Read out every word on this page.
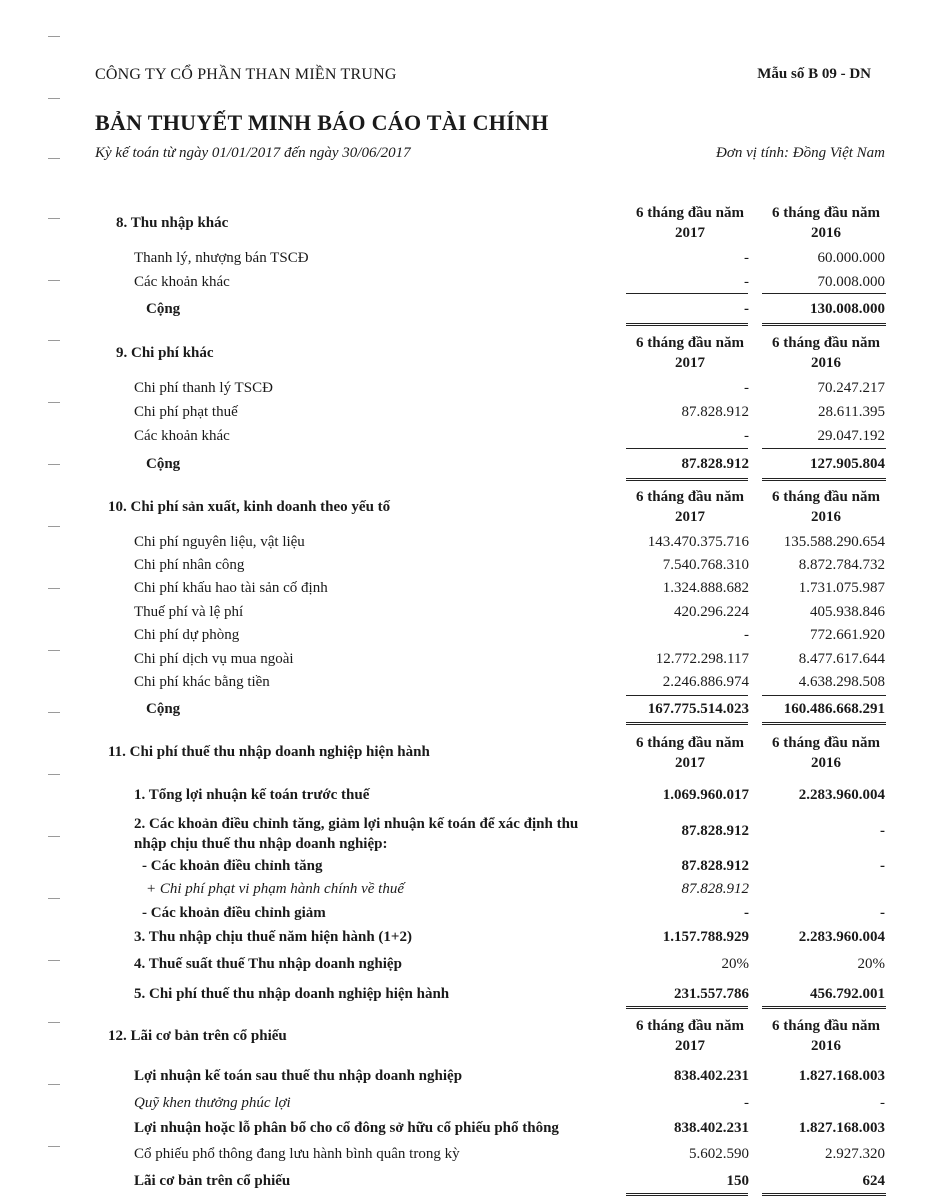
CÔNG TY CỔ PHẦN THAN MIỀN TRUNG	Mẫu số B 09 - DN
BẢN THUYẾT MINH BÁO CÁO TÀI CHÍNH
Kỳ kế toán từ ngày 01/01/2017 đến ngày 30/06/2017	Đơn vị tính: Đồng Việt Nam
8. Thu nhập khác
6 tháng đầu năm
2017
6 tháng đầu năm
2016
Thanh lý, nhượng bán TSCĐ	-	60.000.000
Các khoản khác	-	70.008.000
Cộng	-	130.008.000
9. Chi phí khác
6 tháng đầu năm
2017
6 tháng đầu năm
2016
Chi phí thanh lý TSCĐ	-	70.247.217
Chi phí phạt thuế	87.828.912	28.611.395
Các khoản khác	-	29.047.192
Cộng	87.828.912	127.905.804
10. Chi phí sản xuất, kinh doanh theo yếu tố
6 tháng đầu năm
2017
6 tháng đầu năm
2016
Chi phí nguyên liệu, vật liệu	143.470.375.716 135.588.290.654
Chi phí nhân công	7.540.768.310	8.872.784.732
Chi phí khấu hao tài sản cố định	1.324.888.682	1.731.075.987
Thuế phí và lệ phí	420.296.224	405.938.846
Chi phí dự phòng	-	772.661.920
Chi phí dịch vụ mua ngoài	12.772.298.117	8.477.617.644
Chi phí khác bằng tiền	2.246.886.974	4.638.298.508
Cộng	167.775.514.023 160.486.668.291
11. Chi phí thuế thu nhập doanh nghiệp hiện hành
6 tháng đầu năm
2017
6 tháng đầu năm
2016
1. Tổng lợi nhuận kế toán trước thuế	1.069.960.017	2.283.960.004
2. Các khoản điều chỉnh tăng, giảm lợi nhuận kế toán để xác định thu nhập chịu thuế thu nhập doanh nghiệp:
87.828.912	-
- Các khoản điều chỉnh tăng	87.828.912	-
+ Chi phí phạt vi phạm hành chính về thuế	87.828.912
- Các khoản điều chỉnh giảm	-	-
3. Thu nhập chịu thuế năm hiện hành (1+2)	1.157.788.929	2.283.960.004
4. Thuế suất thuế Thu nhập doanh nghiệp	20%	20%
5. Chi phí thuế thu nhập doanh nghiệp hiện hành	231.557.786	456.792.001
12. Lãi cơ bản trên cổ phiếu
6 tháng đầu năm
2017
6 tháng đầu năm
2016
Lợi nhuận kế toán sau thuế thu nhập doanh nghiệp	838.402.231	1.827.168.003
Quỹ khen thưởng phúc lợi	-	-
Lợi nhuận hoặc lỗ phân bổ cho cổ đông sở hữu cổ phiếu phổ thông	838.402.231	1.827.168.003
Cổ phiếu phổ thông đang lưu hành bình quân trong kỳ	5.602.590	2.927.320
Lãi cơ bản trên cổ phiếu	150	624
